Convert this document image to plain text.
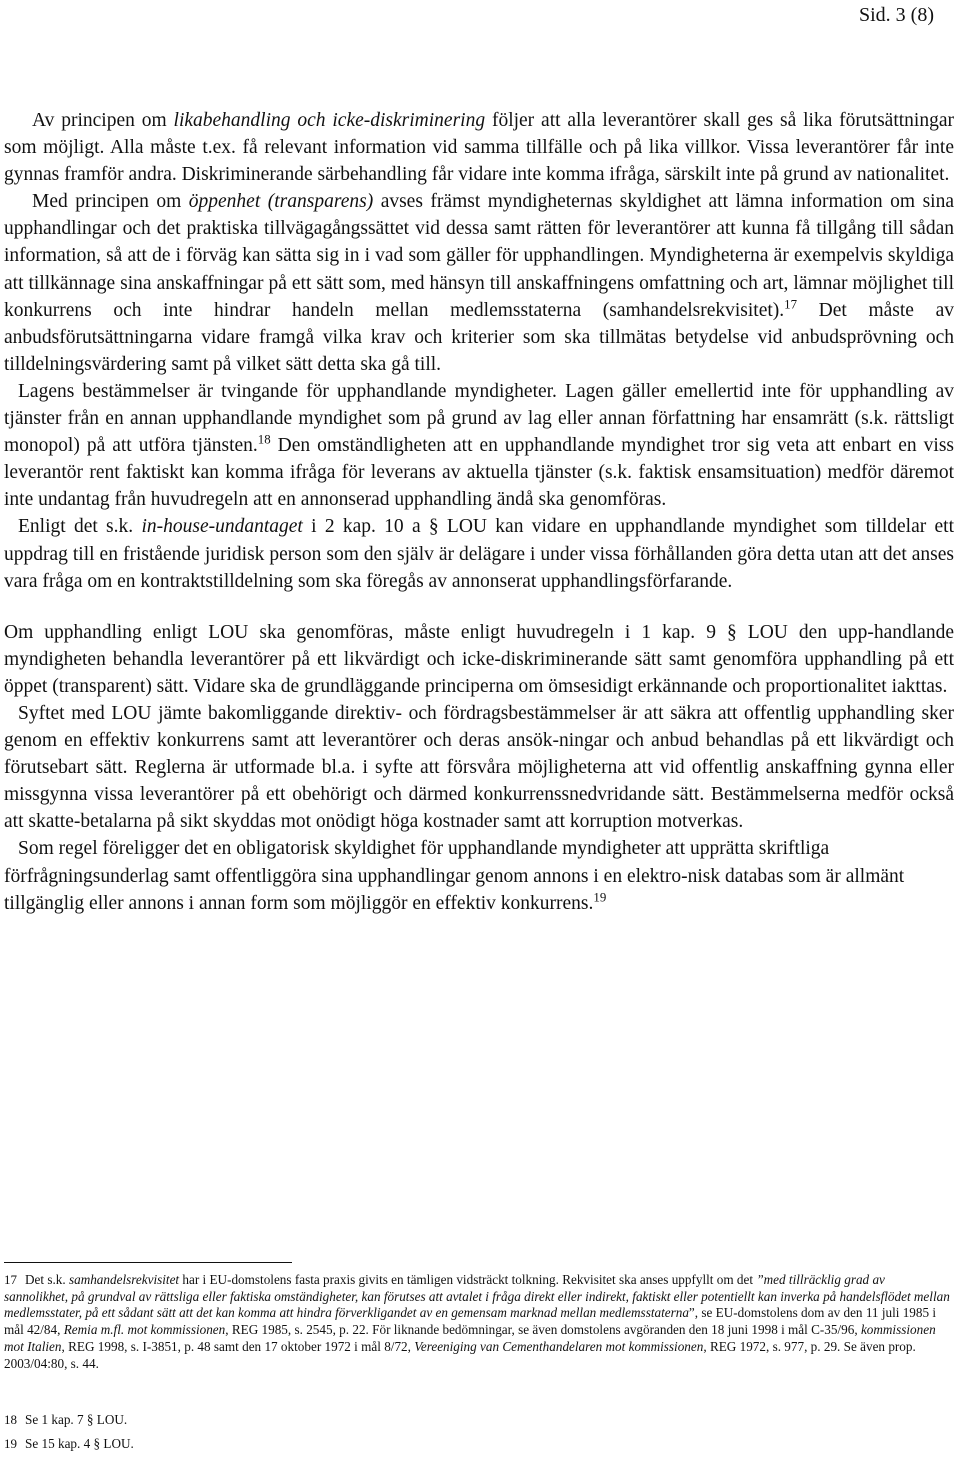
Sid. 3 (8)

Av principen om likabehandling och icke-diskriminering följer att alla leverantörer skall ges så lika förutsättningar som möjligt. Alla måste t.ex. få relevant information vid samma tillfälle och på lika villkor. Vissa leverantörer får inte gynnas framför andra. Diskriminerande särbehandling får vidare inte komma ifråga, särskilt inte på grund av nationalitet.

Med principen om öppenhet (transparens) avses främst myndigheternas skyldighet att lämna information om sina upphandlingar och det praktiska tillvägagångssättet vid dessa samt rätten för leverantörer att kunna få tillgång till sådan information, så att de i förväg kan sätta sig in i vad som gäller för upphandlingen. Myndigheterna är exempelvis skyldiga att tillkännage sina anskaffningar på ett sätt som, med hänsyn till anskaffningens omfattning och art, lämnar möjlighet till konkurrens och inte hindrar handeln mellan medlemsstaterna (samhandelsrekvisitet).$^{17}$ Det måste av anbudsförutsättningarna vidare framgå vilka krav och kriterier som ska tillmätas betydelse vid anbudsprövning och tilldelningsvärdering samt på vilket sätt detta ska gå till.

Lagens bestämmelser är tvingande för upphandlande myndigheter. Lagen gäller emellertid inte för upphandling av tjänster från en annan upphandlande myndighet som på grund av lag eller annan författning har ensamrätt (s.k. rättsligt monopol) på att utföra tjänsten.$^{18}$ Den omständligheten att en upphandlande myndighet tror sig veta att enbart en viss leverantör rent faktiskt kan komma ifråga för leverans av aktuella tjänster (s.k. faktisk ensamsituation) medför däremot inte undantag från huvudregeln att en annonserad upphandling ändå ska genomföras.

Enligt det s.k. in-house-undantaget i 2 kap. 10 a § LOU kan vidare en upphandlande myndighet som tilldelar ett uppdrag till en fristående juridisk person som den själv är delägare i under vissa förhållanden göra detta utan att det anses vara fråga om en kontraktstilldelning som ska föregås av annonserat upphandlingsförfarande.

Om upphandling enligt LOU ska genomföras, måste enligt huvudregeln i 1 kap. 9 § LOU den upp-handlande myndigheten behandla leverantörer på ett likvärdigt och icke-diskriminerande sätt samt genomföra upphandling på ett öppet (transparent) sätt. Vidare ska de grundläggande principerna om ömsesidigt erkännande och proportionalitet iakttas.

Syftet med LOU jämte bakomliggande direktiv- och fördragsbestämmelser är att säkra att offentlig upphandling sker genom en effektiv konkurrens samt att leverantörer och deras ansök-ningar och anbud behandlas på ett likvärdigt och förutsebart sätt. Reglerna är utformade bl.a. i syfte att försvåra möjligheterna att vid offentlig anskaffning gynna eller missgynna vissa leverantörer på ett obehörigt och därmed konkurrenssnedvridande sätt. Bestämmelserna medför också att skatte-betalarna på sikt skyddas mot onödigt höga kostnader samt att korruption motverkas.

Som regel föreligger det en obligatorisk skyldighet för upphandlande myndigheter att upprätta skriftliga förfrågningsunderlag samt offentliggöra sina upphandlingar genom annons i en elektro-nisk databas som är allmänt tillgänglig eller annons i annan form som möjliggör en effektiv konkurrens.$^{19}$

17 Det s.k. samhandelsrekvisitet har i EU-domstolens fasta praxis givits en tämligen vidsträckt tolkning. Rekvisitet ska anses uppfyllt om det ”med tillräcklig grad av sannolikhet, på grundval av rättsliga eller faktiska omständigheter, kan förutses att avtalet i fråga direkt eller indirekt, faktiskt eller potentiellt kan inverka på handelsflödet mellan medlemsstater, på ett sådant sätt att det kan komma att hindra förverkligandet av en gemensam marknad mellan medlemsstaterna”, se EU-domstolens dom av den 11 juli 1985 i mål 42/84, Remia m.fl. mot kommissionen, REG 1985, s. 2545, p. 22. För liknande bedömningar, se även domstolens avgöranden den 18 juni 1998 i mål C-35/96, kommissionen mot Italien, REG 1998, s. I-3851, p. 48 samt den 17 oktober 1972 i mål 8/72, Vereeniging van Cementhandelaren mot kommissionen, REG 1972, s. 977, p. 29. Se även prop. 2003/04:80, s. 44.
18 Se 1 kap. 7 § LOU.
19 Se 15 kap. 4 § LOU.
